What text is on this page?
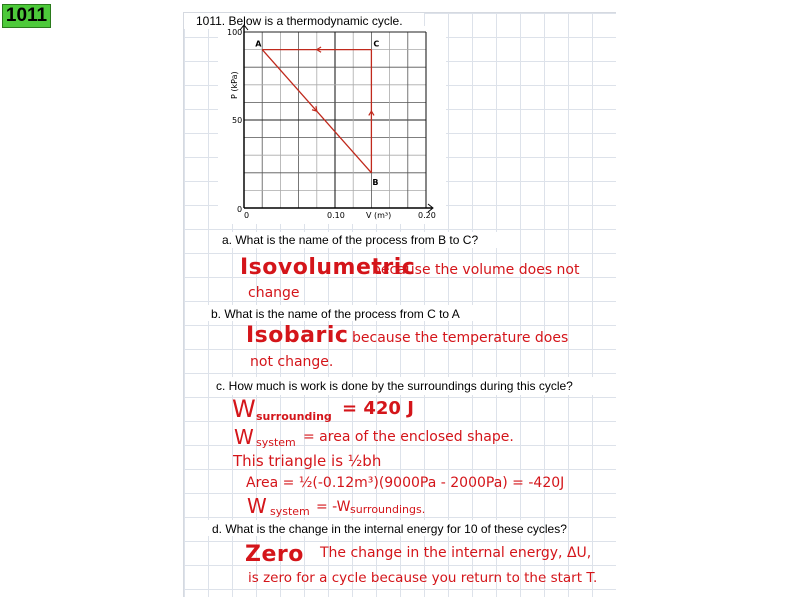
1011	1011. Below is a thermodynamic cycle.
0	0.10	0.20
0
50
100
A
B
C
V (m³)
P (kPa)
a. What is the name of the process from B to C?
Isovolumetric
because the volume does not
change
b. What is the name of the process from C to A
Isobaric because the temperature does
not change.
c. How much is work is done by the surroundings during this cycle?
W surrounding = 420 J
W system = area of the enclosed shape.
This triangle is ½bh
Area = ½(-0.12m³)(9000Pa - 2000Pa) = -420J
W system = -W surroundings.
d. What is the change in the internal energy for 10 of these cycles?
Zero The change in the internal energy, ΔU,
is zero for a cycle because you return to the start T.
